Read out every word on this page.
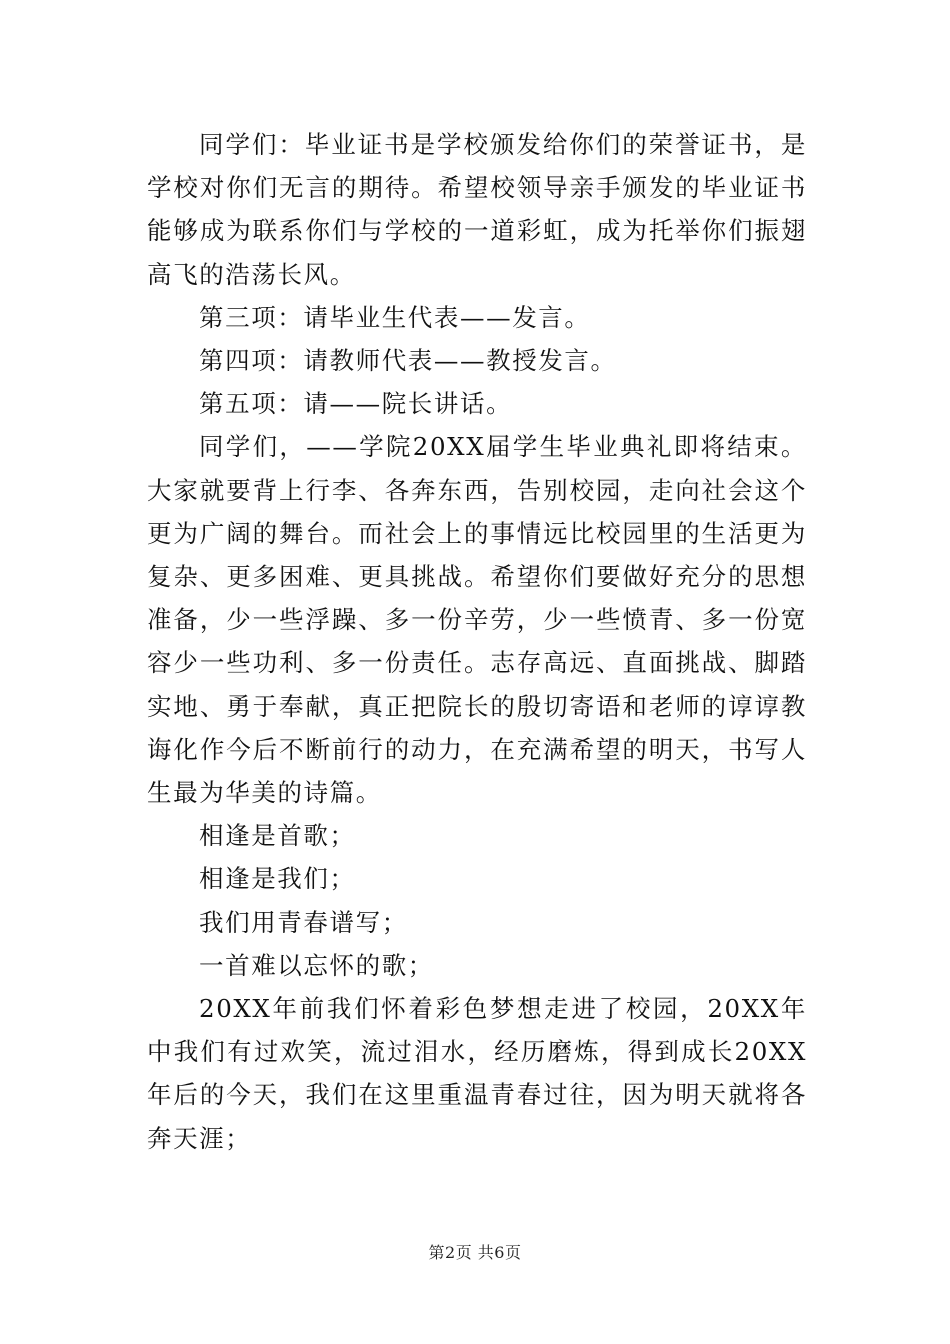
同学们：毕业证书是学校颁发给你们的荣誉证书，是学校对你们无言的期待。希望校领导亲手颁发的毕业证书能够成为联系你们与学校的一道彩虹，成为托举你们振翅高飞的浩荡长风。

第三项：请毕业生代表——发言。

第四项：请教师代表——教授发言。

第五项：请——院长讲话。

同学们，——学院20XX届学生毕业典礼即将结束。大家就要背上行李、各奔东西，告别校园，走向社会这个更为广阔的舞台。而社会上的事情远比校园里的生活更为复杂、更多困难、更具挑战。希望你们要做好充分的思想准备，少一些浮躁、多一份辛劳，少一些愤青、多一份宽容少一些功利、多一份责任。志存高远、直面挑战、脚踏实地、勇于奉献，真正把院长的殷切寄语和老师的谆谆教诲化作今后不断前行的动力，在充满希望的明天，书写人生最为华美的诗篇。

相逢是首歌；

相逢是我们；

我们用青春谱写；

一首难以忘怀的歌；

20XX年前我们怀着彩色梦想走进了校园，20XX年中我们有过欢笑，流过泪水，经历磨炼，得到成长20XX年后的今天，我们在这里重温青春过往，因为明天就将各奔天涯；

第2页 共6页
